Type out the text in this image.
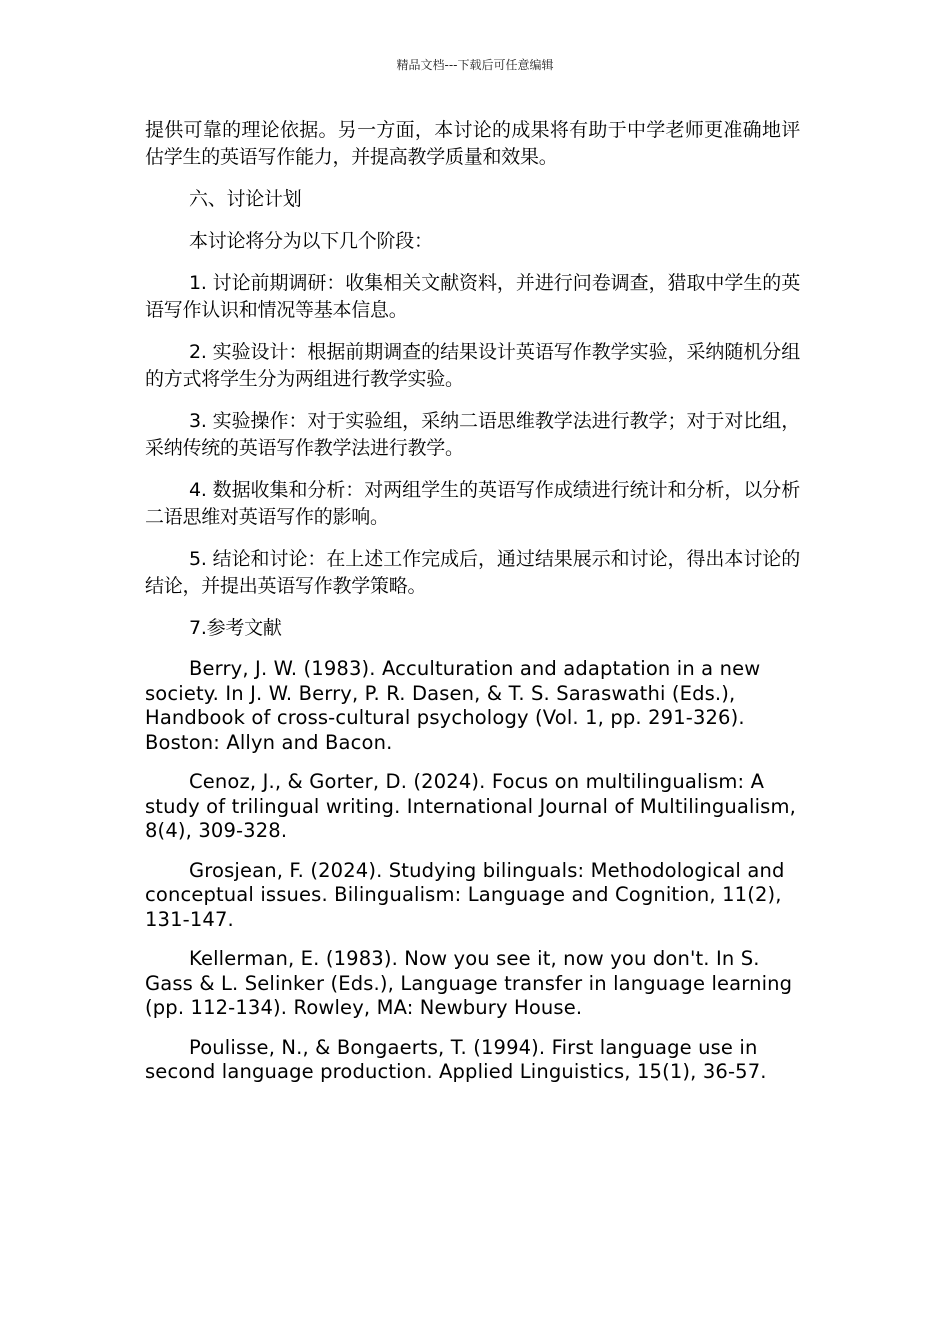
精品文档---下载后可任意编辑

提供可靠的理论依据。另一方面，本讨论的成果将有助于中学老师更准确地评估学生的英语写作能力，并提高教学质量和效果。

六、讨论计划

本讨论将分为以下几个阶段：

1. 讨论前期调研：收集相关文献资料，并进行问卷调查，猎取中学生的英语写作认识和情况等基本信息。

2. 实验设计：根据前期调查的结果设计英语写作教学实验，采纳随机分组的方式将学生分为两组进行教学实验。

3. 实验操作：对于实验组，采纳二语思维教学法进行教学；对于对比组，采纳传统的英语写作教学法进行教学。

4. 数据收集和分析：对两组学生的英语写作成绩进行统计和分析，以分析二语思维对英语写作的影响。

5. 结论和讨论：在上述工作完成后，通过结果展示和讨论，得出本讨论的结论，并提出英语写作教学策略。

7.参考文献

Berry, J. W. (1983). Acculturation and adaptation in a new society. In J. W. Berry, P. R. Dasen, & T. S. Saraswathi (Eds.), Handbook of cross-cultural psychology (Vol. 1, pp. 291-326). Boston: Allyn and Bacon.

Cenoz, J., & Gorter, D. (2024). Focus on multilingualism: A study of trilingual writing. International Journal of Multilingualism, 8(4), 309-328.

Grosjean, F. (2024). Studying bilinguals: Methodological and conceptual issues. Bilingualism: Language and Cognition, 11(2), 131-147.

Kellerman, E. (1983). Now you see it, now you don't. In S. Gass & L. Selinker (Eds.), Language transfer in language learning (pp. 112-134). Rowley, MA: Newbury House.

Poulisse, N., & Bongaerts, T. (1994). First language use in second language production. Applied Linguistics, 15(1), 36-57.
